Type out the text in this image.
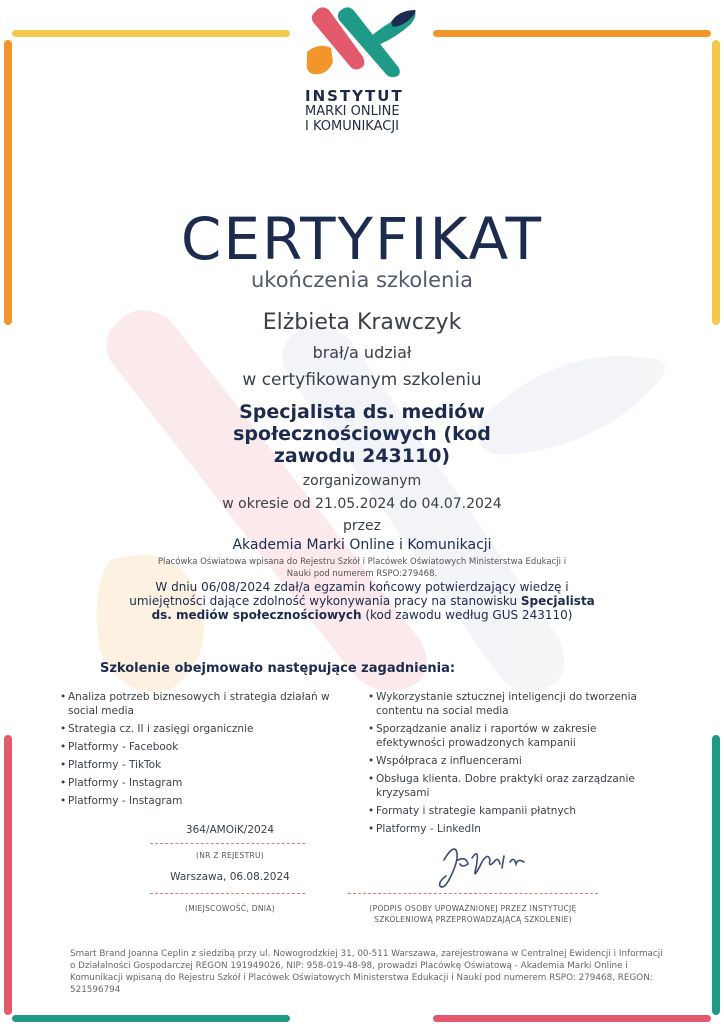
INSTYTUT
MARKI ONLINE
I KOMUNIKACJI
CERTYFIKAT
ukończenia szkolenia
Elżbieta Krawczyk
brał/a udział
w certyfikowanym szkoleniu
Specjalista ds. mediów społecznościowych (kod zawodu 243110)
zorganizowanym
w okresie od 21.05.2024 do 04.07.2024
przez
Akademia Marki Online i Komunikacji
Placówka Oświatowa wpisana do Rejestru Szkół i Placówek Oświatowych Ministerstwa Edukacji i Nauki pod numerem RSPO:279468.
W dniu 06/08/2024 zdał/a egzamin końcowy potwierdzający wiedzę i umiejętności dające zdolność wykonywania pracy na stanowisku Specjalista ds. mediów społecznościowych (kod zawodu według GUS 243110)
Szkolenie obejmowało następujące zagadnienia:
• Analiza potrzeb biznesowych i strategia działań w social media
• Strategia cz. II i zasięgi organicznie
• Platformy - Facebook
• Platformy - TikTok
• Platformy - Instagram
• Platformy - Instagram
• Wykorzystanie sztucznej inteligencji do tworzenia contentu na social media
• Sporządzanie analiz i raportów w zakresie efektywności prowadzonych kampanii
• Współpraca z influencerami
• Obsługa klienta. Dobre praktyki oraz zarządzanie kryzysami
• Formaty i strategie kampanii płatnych
• Platformy - LinkedIn
364/AMOiK/2024
(NR Z REJESTRU)
Warszawa, 06.08.2024
(MIEJSCOWOŚĆ, DNIA)	(PODPIS OSOBY UPOWAŻNIONEJ PRZEZ INSTYTUCJĘ SZKOLENIOWĄ PRZEPROWADZAJĄCĄ SZKOLENIE)
Smart Brand Joanna Ceplin z siedzibą przy ul. Nowogrodzkiej 31, 00-511 Warszawa, zarejestrowana w Centralnej Ewidencji i Informacji o Działalności Gospodarczej REGON 191949026, NIP: 958-019-48-98, prowadzi Placówkę Oświatową - Akademia Marki Online i Komunikacji wpisaną do Rejestru Szkół i Placówek Oświatowych Ministerstwa Edukacji i Nauki pod numerem RSPO: 279468, REGON: 521596794
